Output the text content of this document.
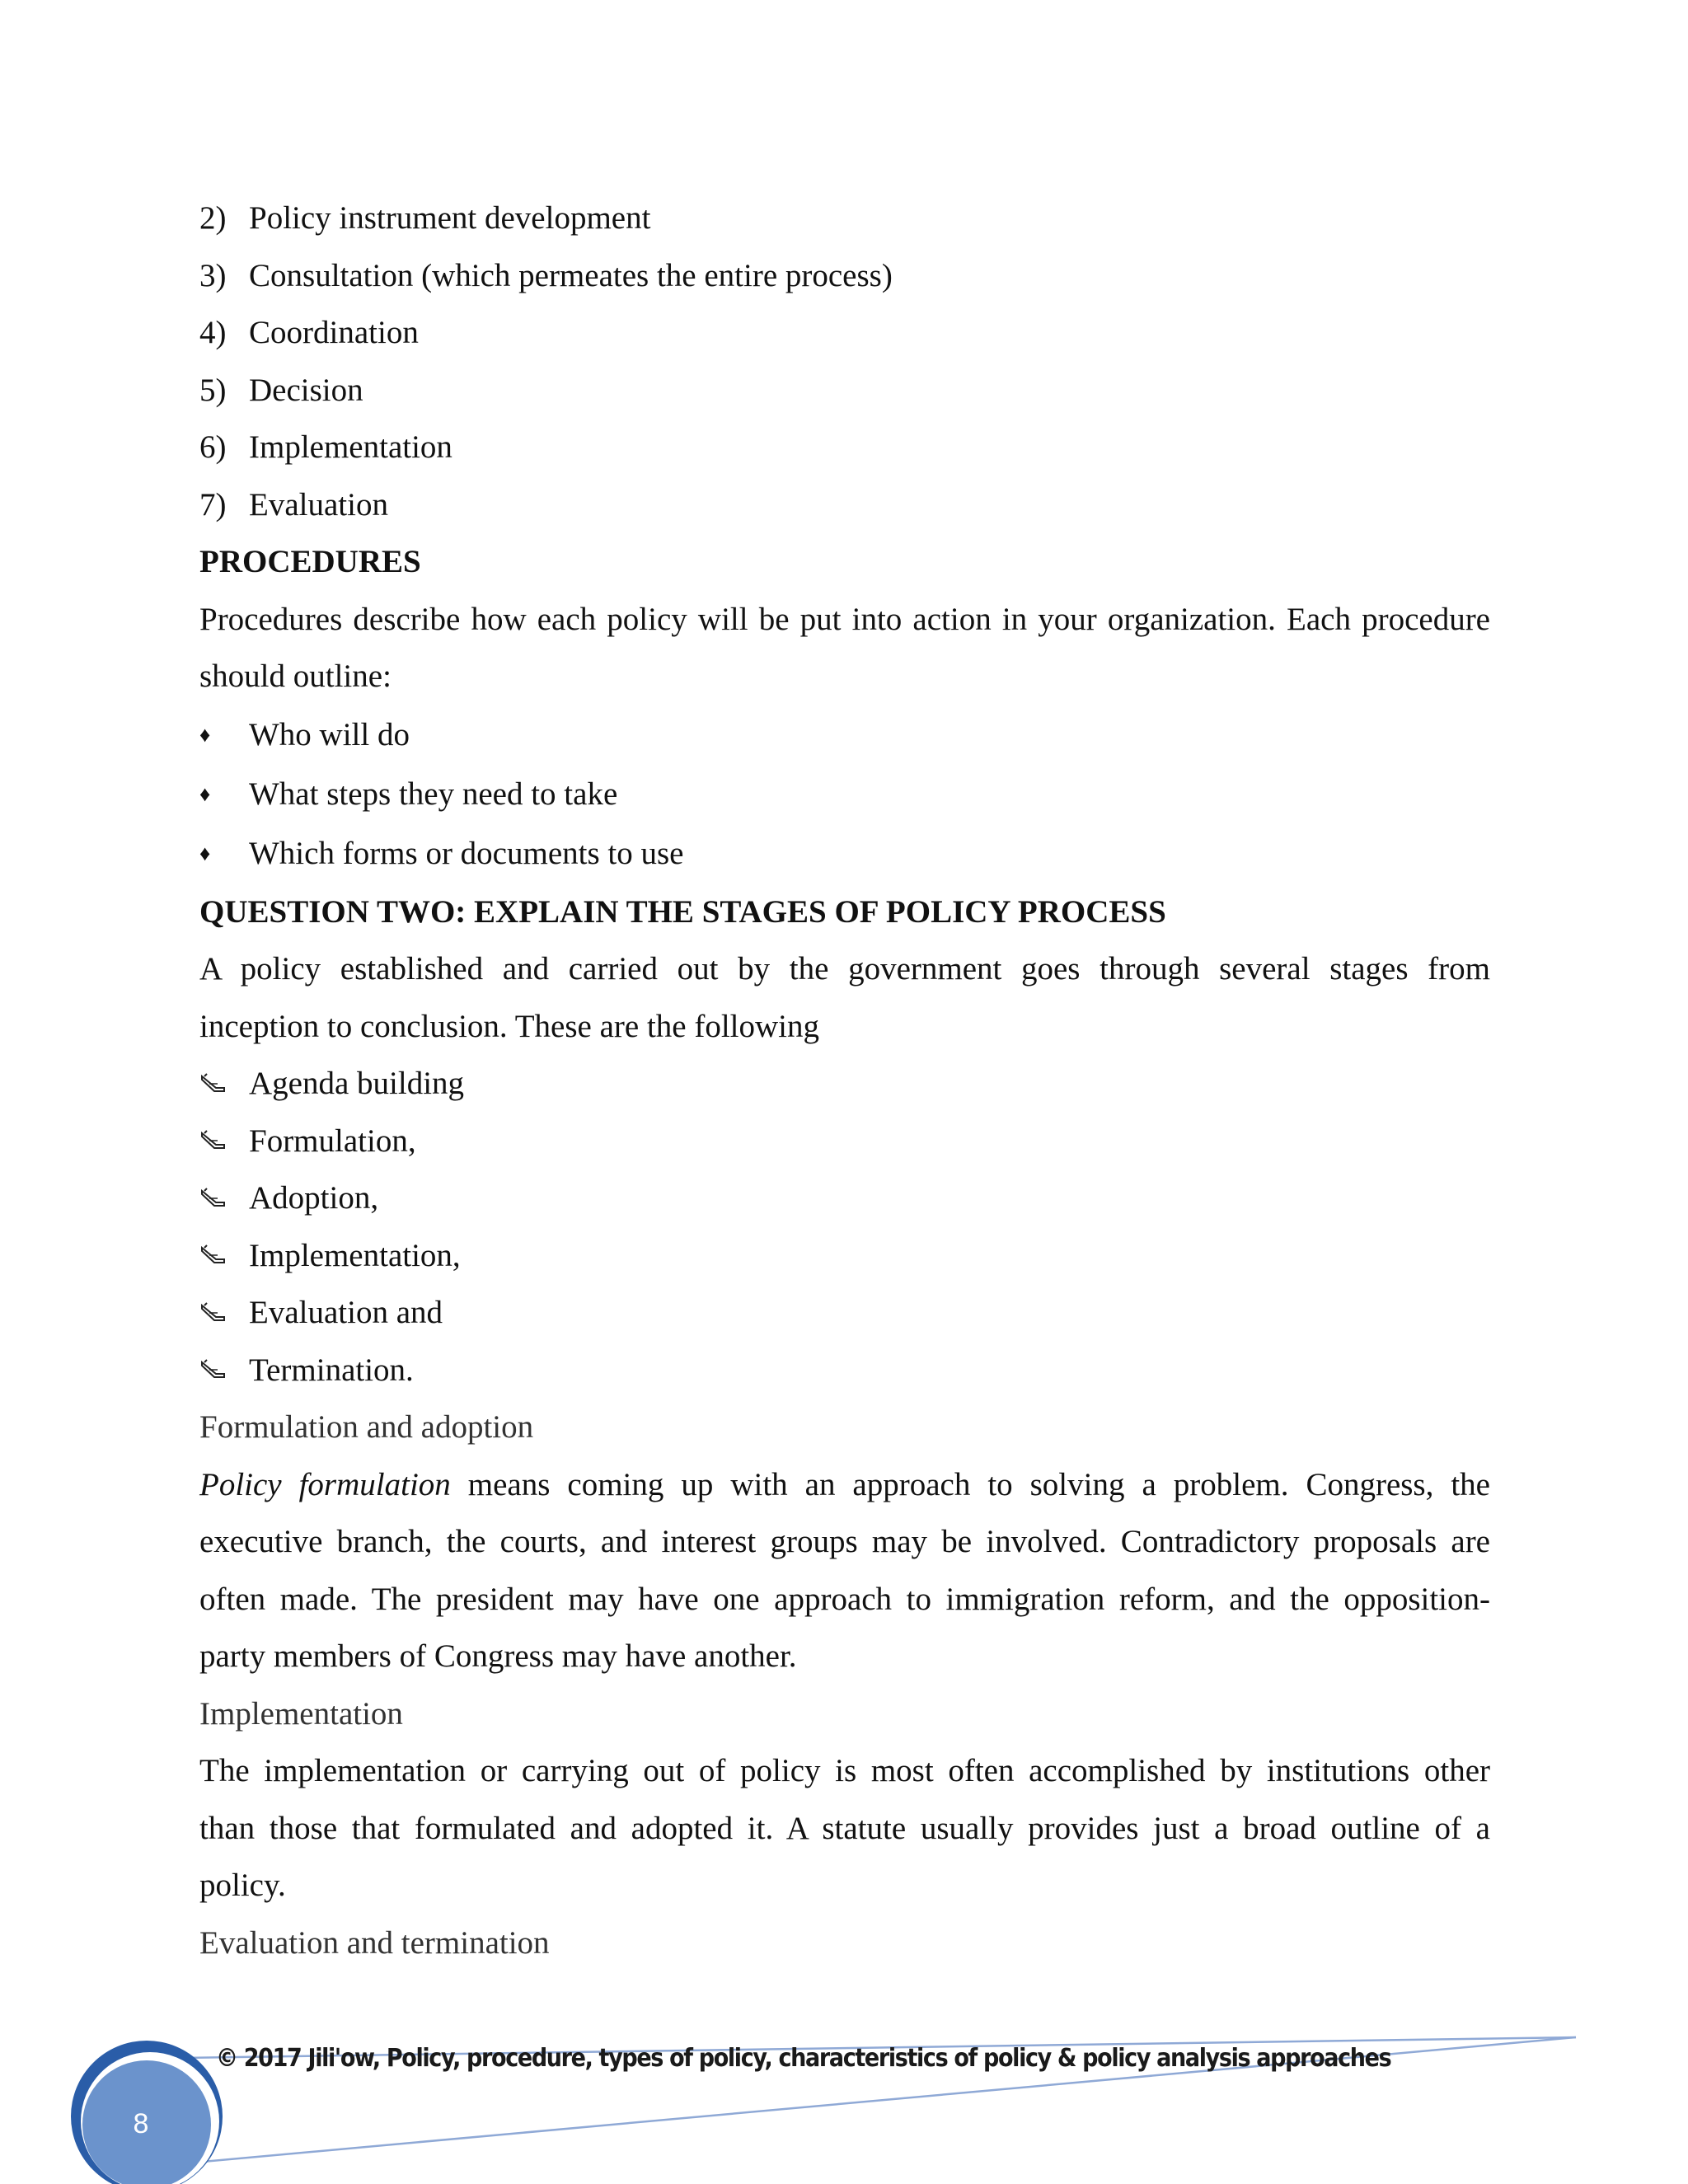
2) Policy instrument development
3) Consultation (which permeates the entire process)
4) Coordination
5) Decision
6) Implementation
7) Evaluation
PROCEDURES
Procedures describe how each policy will be put into action in your organization. Each procedure
should outline:
♦	Who will do
♦	What steps they need to take
♦	Which forms or documents to use
QUESTION TWO: EXPLAIN THE STAGES OF POLICY PROCESS
A policy established and carried out by the government goes through several stages from
inception to conclusion. These are the following
Agenda building
Formulation,
Adoption,
Implementation,
Evaluation and
Termination.
Formulation and adoption
Policy formulation means coming up with an approach to solving a problem. Congress, the
executive branch, the courts, and interest groups may be involved. Contradictory proposals are
often made. The president may have one approach to immigration reform, and the opposition-
party members of Congress may have another.
Implementation
The implementation or carrying out of policy is most often accomplished by institutions other
than those that formulated and adopted it. A statute usually provides just a broad outline of a
policy.
Evaluation and termination
© 2017 Jili'ow, Policy, procedure, types of policy, characteristics of policy & policy analysis approaches
8
